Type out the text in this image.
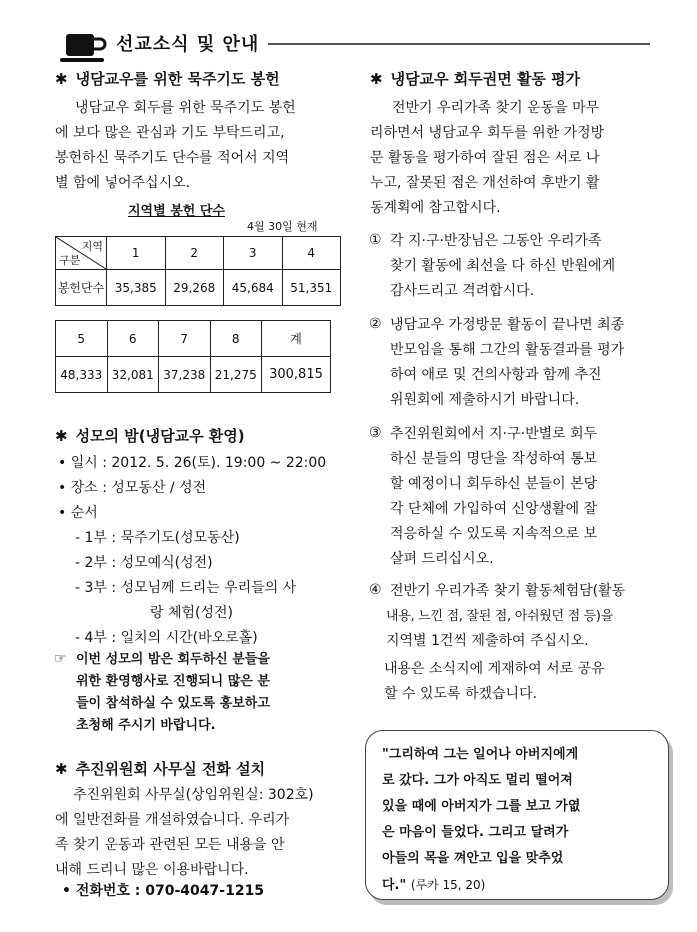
선교소식 및 안내
✱ 냉담교우를 위한 묵주기도 봉헌
냉담교우 회두를 위한 묵주기도 봉헌
에 보다 많은 관심과 기도 부탁드리고,
봉헌하신 묵주기도 단수를 적어서 지역
별 함에 넣어주십시오.
지역별 봉헌 단수
4월 30일 현재
지역
구분	1	2	3	4
봉헌단수	35,385	29,268	45,684	51,351
5	6	7	8	계
48,333	32,081	37,238	21,275	300,815
✱ 성모의 밤(냉담교우 환영)
• 일시 : 2012. 5. 26(토). 19:00 ~ 22:00
• 장소 : 성모동산 / 성전
• 순서
- 1부 : 묵주기도(성모동산)
- 2부 : 성모예식(성전)
- 3부 : 성모님께 드리는 우리들의 사
랑 체험(성전)
- 4부 : 일치의 시간(바오로홀)
☞ 이번 성모의 밤은 회두하신 분들을
위한 환영행사로 진행되니 많은 분
들이 참석하실 수 있도록 홍보하고
초청해 주시기 바랍니다.
✱ 추진위원회 사무실 전화 설치
추진위원회 사무실(상임위원실: 302호)
에 일반전화를 개설하였습니다. 우리가
족 찾기 운동과 관련된 모든 내용을 안
내해 드리니 많은 이용바랍니다.
• 전화번호 : 070-4047-1215
✱ 냉담교우 회두권면 활동 평가
전반기 우리가족 찾기 운동을 마무
리하면서 냉담교우 회두를 위한 가정방
문 활동을 평가하여 잘된 점은 서로 나
누고, 잘못된 점은 개선하여 후반기 활
동계획에 참고합시다.
① 각 지·구·반장님은 그동안 우리가족
찾기 활동에 최선을 다 하신 반원에게
감사드리고 격려합시다.
② 냉담교우 가정방문 활동이 끝나면 최종
반모임을 통해 그간의 활동결과를 평가
하여 애로 및 건의사항과 함께 추진
위원회에 제출하시기 바랍니다.
③ 추진위원회에서 지·구·반별로 회두
하신 분들의 명단을 작성하여 통보
할 예정이니 회두하신 분들이 본당
각 단체에 가입하여 신앙생활에 잘
적응하실 수 있도록 지속적으로 보
살펴 드리십시오.
④ 전반기 우리가족 찾기 활동체험담(활동
내용, 느낀 점, 잘된 점, 아쉬웠던 점 등)을
지역별 1건씩 제출하여 주십시오.
내용은 소식지에 게재하여 서로 공유
할 수 있도록 하겠습니다.
"그리하여 그는 일어나 아버지에게
로 갔다. 그가 아직도 멀리 떨어져
있을 때에 아버지가 그를 보고 가엾
은 마음이 들었다. 그리고 달려가
아들의 목을 껴안고 입을 맞추었
다." (루카 15, 20)
